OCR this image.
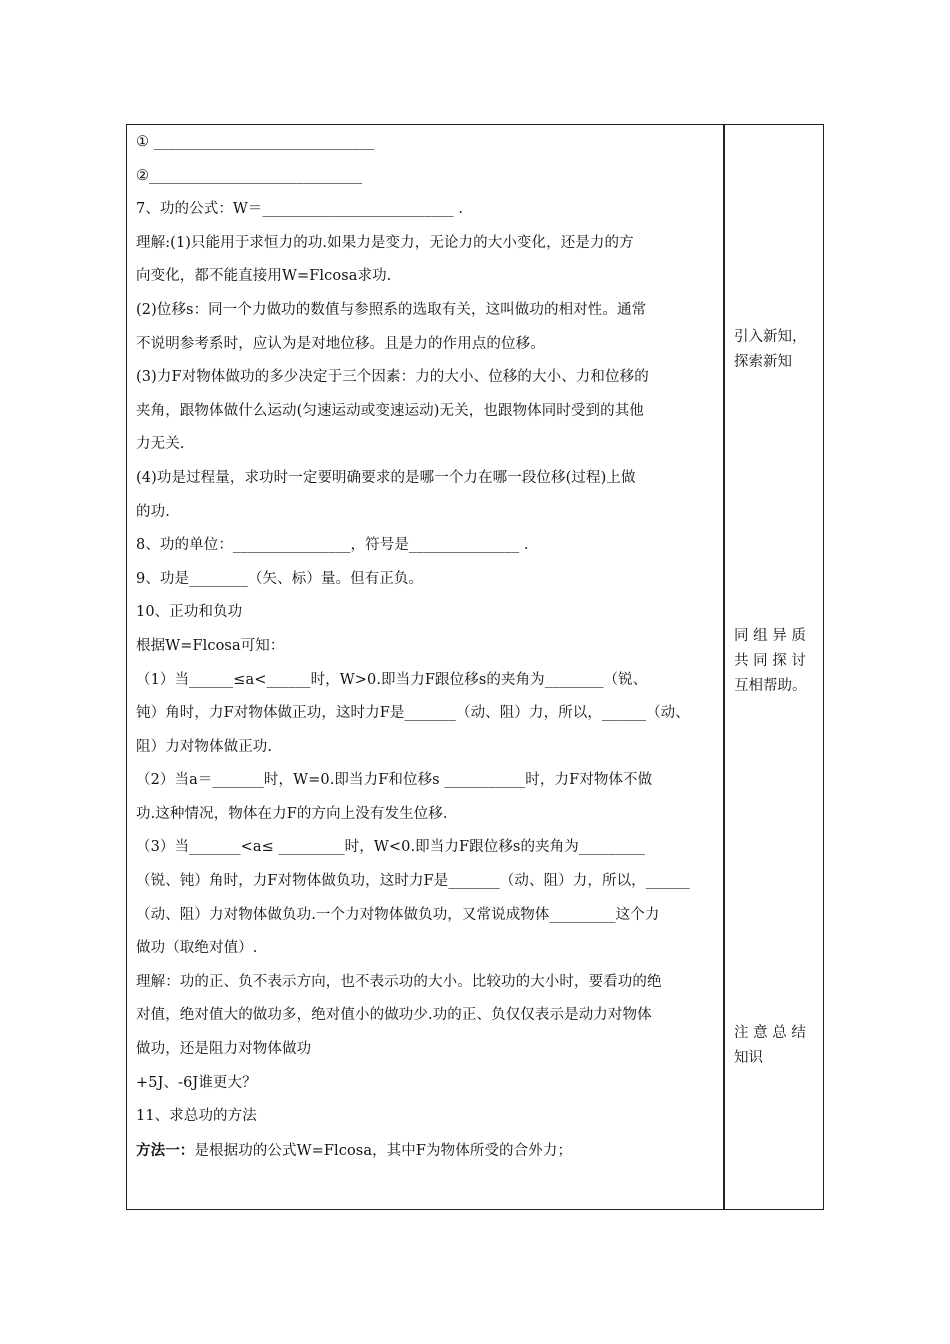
① ______________________________
②_____________________________
7、功的公式：W＝__________________________ .
理解:(1)只能用于求恒力的功.如果力是变力，无论力的大小变化，还是力的方
向变化，都不能直接用W=Flcosa求功.
(2)位移s：同一个力做功的数值与参照系的选取有关，这叫做功的相对性。通常
不说明参考系时，应认为是对地位移。且是力的作用点的位移。
(3)力F对物体做功的多少决定于三个因素：力的大小、位移的大小、力和位移的
夹角，跟物体做什么运动(匀速运动或变速运动)无关，也跟物体同时受到的其他
力无关.
(4)功是过程量，求功时一定要明确要求的是哪一个力在哪一段位移(过程)上做
的功.
8、功的单位：________________，符号是_______________ .
9、功是________（矢、标）量。但有正负。
10、正功和负功
根据W=Flcosa可知：
（1）当______≤a<______时，W>0.即当力F跟位移s的夹角为________（锐、
钝）角时，力F对物体做正功，这时力F是_______（动、阻）力，所以，______（动、
阻）力对物体做正功.
（2）当a＝_______时，W=0.即当力F和位移s ___________时，力F对物体不做
功.这种情况，物体在力F的方向上没有发生位移.
（3）当_______<a≤ _________时，W<0.即当力F跟位移s的夹角为_________
（锐、钝）角时，力F对物体做负功，这时力F是_______（动、阻）力，所以，______
（动、阻）力对物体做负功.一个力对物体做负功，又常说成物体_________这个力
做功（取绝对值）.
理解：功的正、负不表示方向，也不表示功的大小。比较功的大小时，要看功的绝
对值，绝对值大的做功多，绝对值小的做功少.功的正、负仅仅表示是动力对物体
做功，还是阻力对物体做功
+5J、-6J谁更大？
11、求总功的方法
方法一：是根据功的公式W=Flcosa，其中F为物体所受的合外力；
引入新知，
探索新知
同 组 异 质
共 同 探 讨
互相帮助。
注 意 总 结
知识
